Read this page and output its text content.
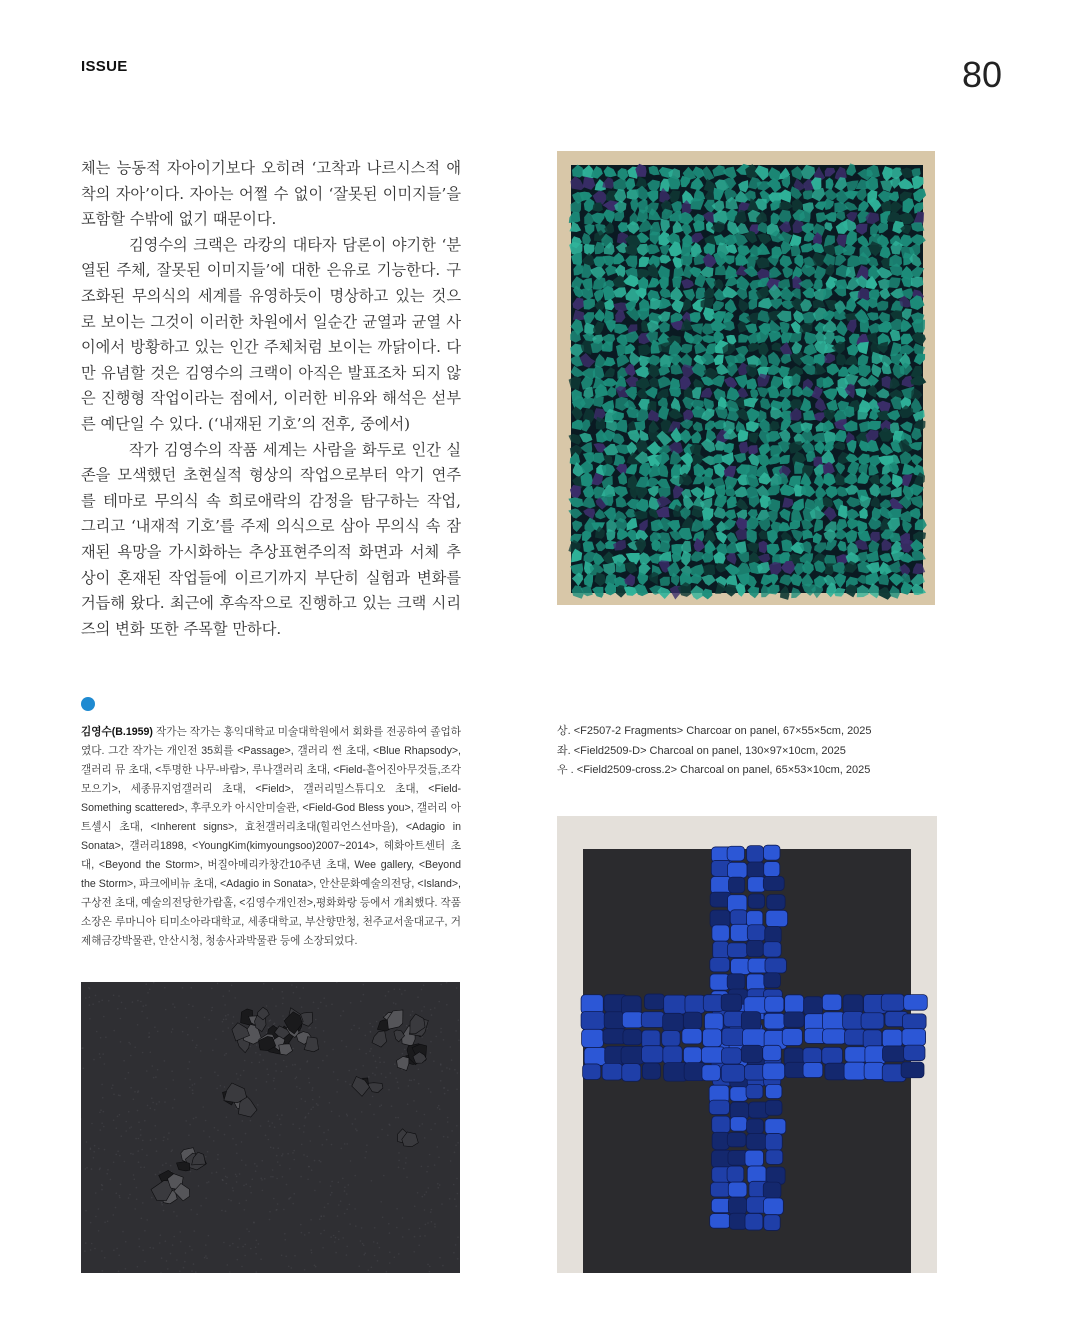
ISSUE	80

체는 능동적 자아이기보다 오히려 ‘고착과 나르시스적 애착의 자아’이다. 자아는 어쩔 수 없이 ‘잘못된 이미지들’을 포함할 수밖에 없기 때문이다.

김영수의 크랙은 라캉의 대타자 담론이 야기한 ‘분열된 주체, 잘못된 이미지들’에 대한 은유로 기능한다. 구조화된 무의식의 세계를 유영하듯이 명상하고 있는 것으로 보이는 그것이 이러한 차원에서 일순간 균열과 균열 사이에서 방황하고 있는 인간 주체처럼 보이는 까닭이다. 다만 유념할 것은 김영수의 크랙이 아직은 발표조차 되지 않은 진행형 작업이라는 점에서, 이러한 비유와 해석은 섣부른 예단일 수 있다. (‘내재된 기호’의 전후, 중에서)

작가 김영수의 작품 세계는 사람을 화두로 인간 실존을 모색했던 초현실적 형상의 작업으로부터 악기 연주를 테마로 무의식 속 희로애락의 감정을 탐구하는 작업, 그리고 ‘내재적 기호’를 주제 의식으로 삼아 무의식 속 잠재된 욕망을 가시화하는 추상표현주의적 화면과 서체 추상이 혼재된 작업들에 이르기까지 부단히 실험과 변화를 거듭해 왔다. 최근에 후속작으로 진행하고 있는 크랙 시리즈의 변화 또한 주목할 만하다.

김영수(B.1959) 작가는 작가는 홍익대학교 미술대학원에서 회화를 전공하여 졸업하였다. 그간 작가는 개인전 35회를 <Passage>, 갤러리 썬 초대, <Blue Rhapsody>, 갤러리 뮤 초대, <투명한 나무-바람>, 루나갤러리 초대, <Field-흩어진아무것들,조각모으기>, 세종뮤지엄갤러리 초대, <Field>, 갤러리밀스튜디오 초대, <Field-Something scattered>, 후쿠오카 아시안미술관, <Field-God Bless you>, 갤러리 아트셀시 초대, <Inherent signs>, 효천갤러리초대(힐리언스선마을), <Adagio in Sonata>, 갤러리1898, <YoungKim(kimyoungsoo)2007~2014>, 헤화아트센터 초대, <Beyond the Storm>, 버질아메리카창간10주년 초대, Wee gallery, <Beyond the Storm>, 파크에비뉴 초대, <Adagio in Sonata>, 안산문화예술의전당, <Island>, 구상전 초대, 예술의전당한가람홀, <김영수개인전>,평화화랑 등에서 개최했다. 작품 소장은 루마니아 티미소아라대학교, 세종대학교, 부산향만청, 천주교서울대교구, 거제해금강박물관, 안산시청, 청송사과박물관 등에 소장되었다.
상. <F2507-2 Fragments> Charcoar on panel, 67×55×5cm, 2025
좌. <Field2509-D> Charcoal on panel, 130×97×10cm, 2025
우 . <Field2509-cross.2> Charcoal on panel, 65×53×10cm, 2025
